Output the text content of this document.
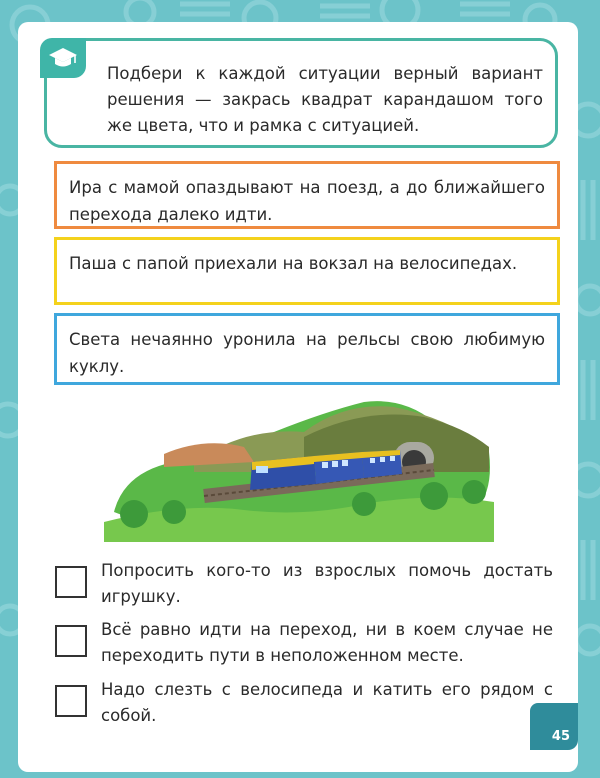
Подбери к каждой ситуации верный вариант решения — закрась квадрат карандашом того же цвета, что и рамка с ситуацией.
Ира с мамой опаздывают на поезд, а до ближайшего перехода далеко идти.
Паша с папой приехали на вокзал на велосипедах.
Света нечаянно уронила на рельсы свою любимую куклу.
Попросить кого-то из взрослых помочь достать игрушку.
Всё равно идти на переход, ни в коем случае не переходить пути в неположенном месте.
Надо слезть с велосипеда и катить его рядом с собой.
45
